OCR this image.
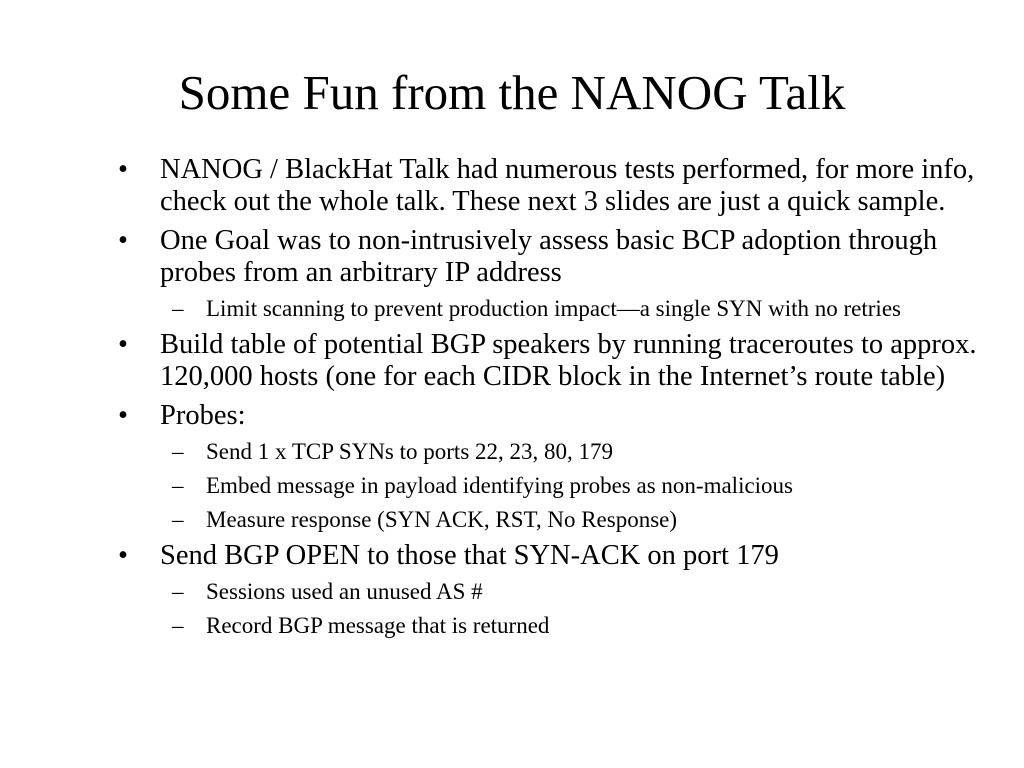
Some Fun from the NANOG Talk
• NANOG / BlackHat Talk had numerous tests performed, for more info, check out the whole talk. These next 3 slides are just a quick sample.
• One Goal was to non-intrusively assess basic BCP adoption through probes from an arbitrary IP address
– Limit scanning to prevent production impact—a single SYN with no retries
• Build table of potential BGP speakers by running traceroutes to approx. 120,000 hosts (one for each CIDR block in the Internet’s route table)
• Probes:
– Send 1 x TCP SYNs to ports 22, 23, 80, 179
– Embed message in payload identifying probes as non-malicious
– Measure response (SYN ACK, RST, No Response)
• Send BGP OPEN to those that SYN-ACK on port 179
– Sessions used an unused AS #
– Record BGP message that is returned
